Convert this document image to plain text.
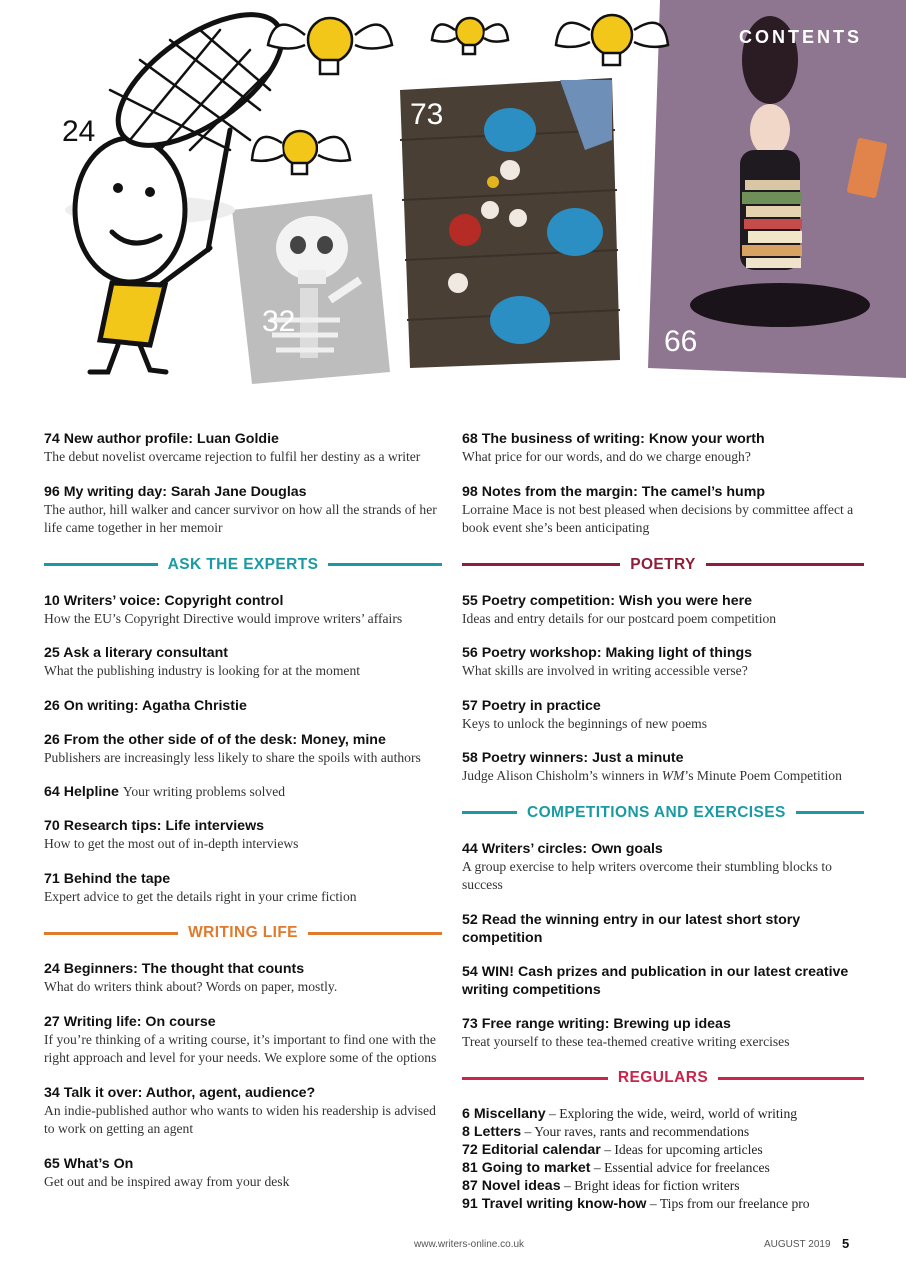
CONTENTS
24
32
73
66
74 New author profile: Luan Goldie
The debut novelist overcame rejection to fulfil her destiny as a writer
96 My writing day: Sarah Jane Douglas
The author, hill walker and cancer survivor on how all the strands of her life came together in her memoir
ASK THE EXPERTS
10 Writers’ voice: Copyright control
How the EU’s Copyright Directive would improve writers’ affairs
25 Ask a literary consultant
What the publishing industry is looking for at the moment
26 On writing: Agatha Christie
26 From the other side of of the desk: Money, mine
Publishers are increasingly less likely to share the spoils with authors
64 Helpline Your writing problems solved
70 Research tips: Life interviews
How to get the most out of in-depth interviews
71 Behind the tape
Expert advice to get the details right in your crime fiction
WRITING LIFE
24 Beginners: The thought that counts
What do writers think about? Words on paper, mostly.
27 Writing life: On course
If you’re thinking of a writing course, it’s important to find one with the right approach and level for your needs. We explore some of the options
34 Talk it over: Author, agent, audience?
An indie-published author who wants to widen his readership is advised to work on getting an agent
65 What’s On
Get out and be inspired away from your desk
68 The business of writing: Know your worth
What price for our words, and do we charge enough?
98 Notes from the margin: The camel’s hump
Lorraine Mace is not best pleased when decisions by committee affect a book event she’s been anticipating
POETRY
55 Poetry competition: Wish you were here
Ideas and entry details for our postcard poem competition
56 Poetry workshop: Making light of things
What skills are involved in writing accessible verse?
57 Poetry in practice
Keys to unlock the beginnings of new poems
58 Poetry winners: Just a minute
Judge Alison Chisholm’s winners in WM’s Minute Poem Competition
COMPETITIONS AND EXERCISES
44 Writers’ circles: Own goals
A group exercise to help writers overcome their stumbling blocks to success
52 Read the winning entry in our latest short story competition
54 WIN! Cash prizes and publication in our latest creative writing competitions
73 Free range writing: Brewing up ideas
Treat yourself to these tea-themed creative writing exercises
REGULARS
6 Miscellany – Exploring the wide, weird, world of writing
8 Letters – Your raves, rants and recommendations
72 Editorial calendar – Ideas for upcoming articles
81 Going to market – Essential advice for freelances
87 Novel ideas – Bright ideas for fiction writers
91 Travel writing know-how – Tips from our freelance pro
www.writers-online.co.uk	AUGUST 2019 5
